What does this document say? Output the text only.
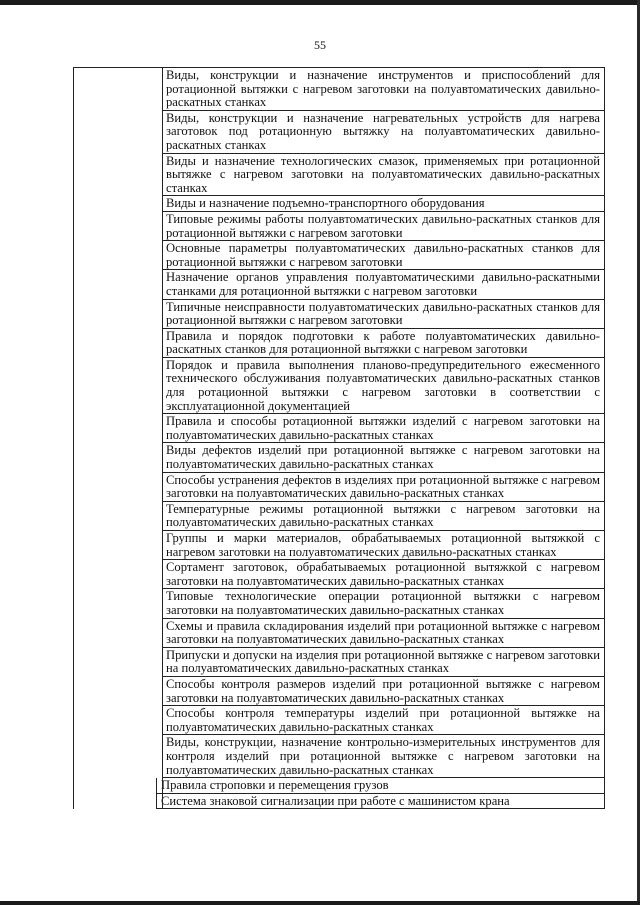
55
Виды, конструкции и назначение инструментов и приспособлений для ротационной вытяжки с нагревом заготовки на полуавтоматических давильно-раскатных станках
Виды, конструкции и назначение нагревательных устройств для нагрева заготовок под ротационную вытяжку на полуавтоматических давильно-раскатных станках
Виды и назначение технологических смазок, применяемых при ротационной вытяжке с нагревом заготовки на полуавтоматических давильно-раскатных станках
Виды и назначение подъемно-транспортного оборудования
Типовые режимы работы полуавтоматических давильно-раскатных станков для ротационной вытяжки с нагревом заготовки
Основные параметры полуавтоматических давильно-раскатных станков для ротационной вытяжки с нагревом заготовки
Назначение органов управления полуавтоматическими давильно-раскатными станками для ротационной вытяжки с нагревом заготовки
Типичные неисправности полуавтоматических давильно-раскатных станков для ротационной вытяжки с нагревом заготовки
Правила и порядок подготовки к работе полуавтоматических давильно-раскатных станков для ротационной вытяжки с нагревом заготовки
Порядок и правила выполнения планово-предупредительного ежесменного технического обслуживания полуавтоматических давильно-раскатных станков для ротационной вытяжки с нагревом заготовки в соответствии с эксплуатационной документацией
Правила и способы ротационной вытяжки изделий с нагревом заготовки на полуавтоматических давильно-раскатных станках
Виды дефектов изделий при ротационной вытяжке с нагревом заготовки на полуавтоматических давильно-раскатных станках
Способы устранения дефектов в изделиях при ротационной вытяжке с нагревом заготовки на полуавтоматических давильно-раскатных станках
Температурные режимы ротационной вытяжки с нагревом заготовки на полуавтоматических давильно-раскатных станках
Группы и марки материалов, обрабатываемых ротационной вытяжкой с нагревом заготовки на полуавтоматических давильно-раскатных станках
Сортамент заготовок, обрабатываемых ротационной вытяжкой с нагревом заготовки на полуавтоматических давильно-раскатных станках
Типовые технологические операции ротационной вытяжки с нагревом заготовки на полуавтоматических давильно-раскатных станках
Схемы и правила складирования изделий при ротационной вытяжке с нагревом заготовки на полуавтоматических давильно-раскатных станках
Припуски и допуски на изделия при ротационной вытяжке с нагревом заготовки на полуавтоматических давильно-раскатных станках
Способы контроля размеров изделий при ротационной вытяжке с нагревом заготовки на полуавтоматических давильно-раскатных станках
Способы контроля температуры изделий при ротационной вытяжке на полуавтоматических давильно-раскатных станках
Виды, конструкции, назначение контрольно-измерительных инструментов для контроля изделий при ротационной вытяжке с нагревом заготовки на полуавтоматических давильно-раскатных станках
Правила строповки и перемещения грузов
Система знаковой сигнализации при работе с машинистом крана
